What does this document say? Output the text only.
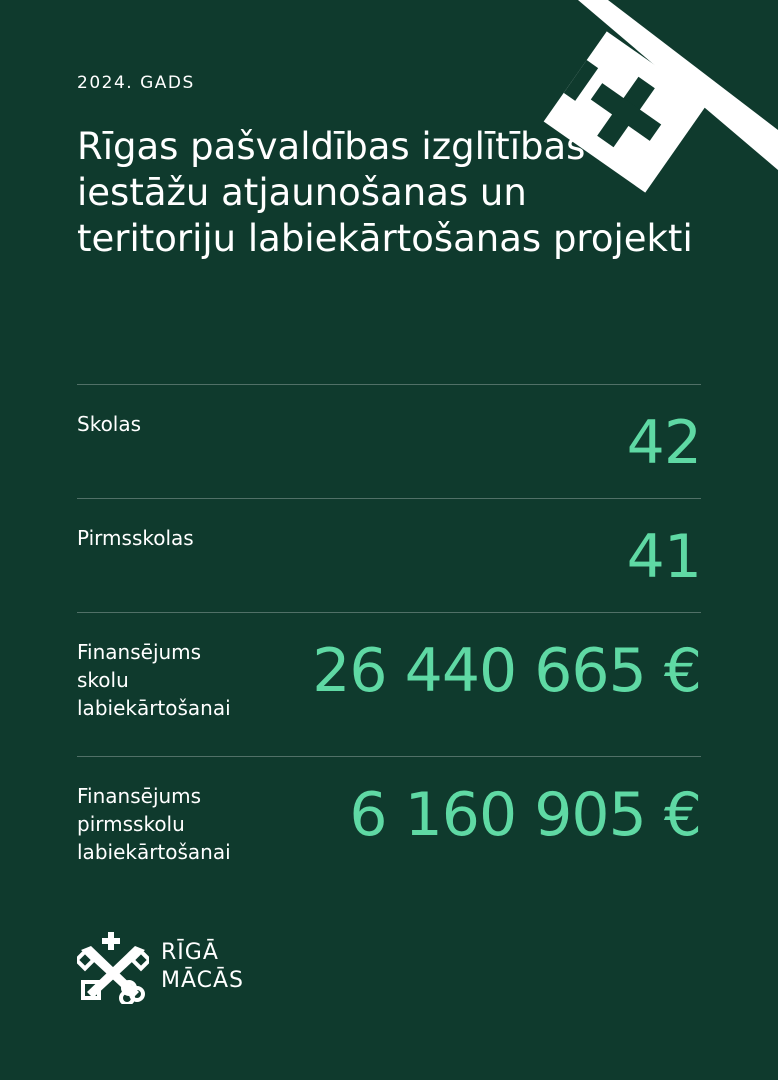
2024. GADS
Rīgas pašvaldības izglītības iestāžu atjaunošanas un teritoriju labiekārtošanas projekti
Skolas	42
Pirmsskolas	41
Finansējums
skolu
labiekārtošanai
26 440 665 €
Finansējums
pirmsskolu
labiekārtošanai
6 160 905 €
RĪGĀ
MĀCĀS
